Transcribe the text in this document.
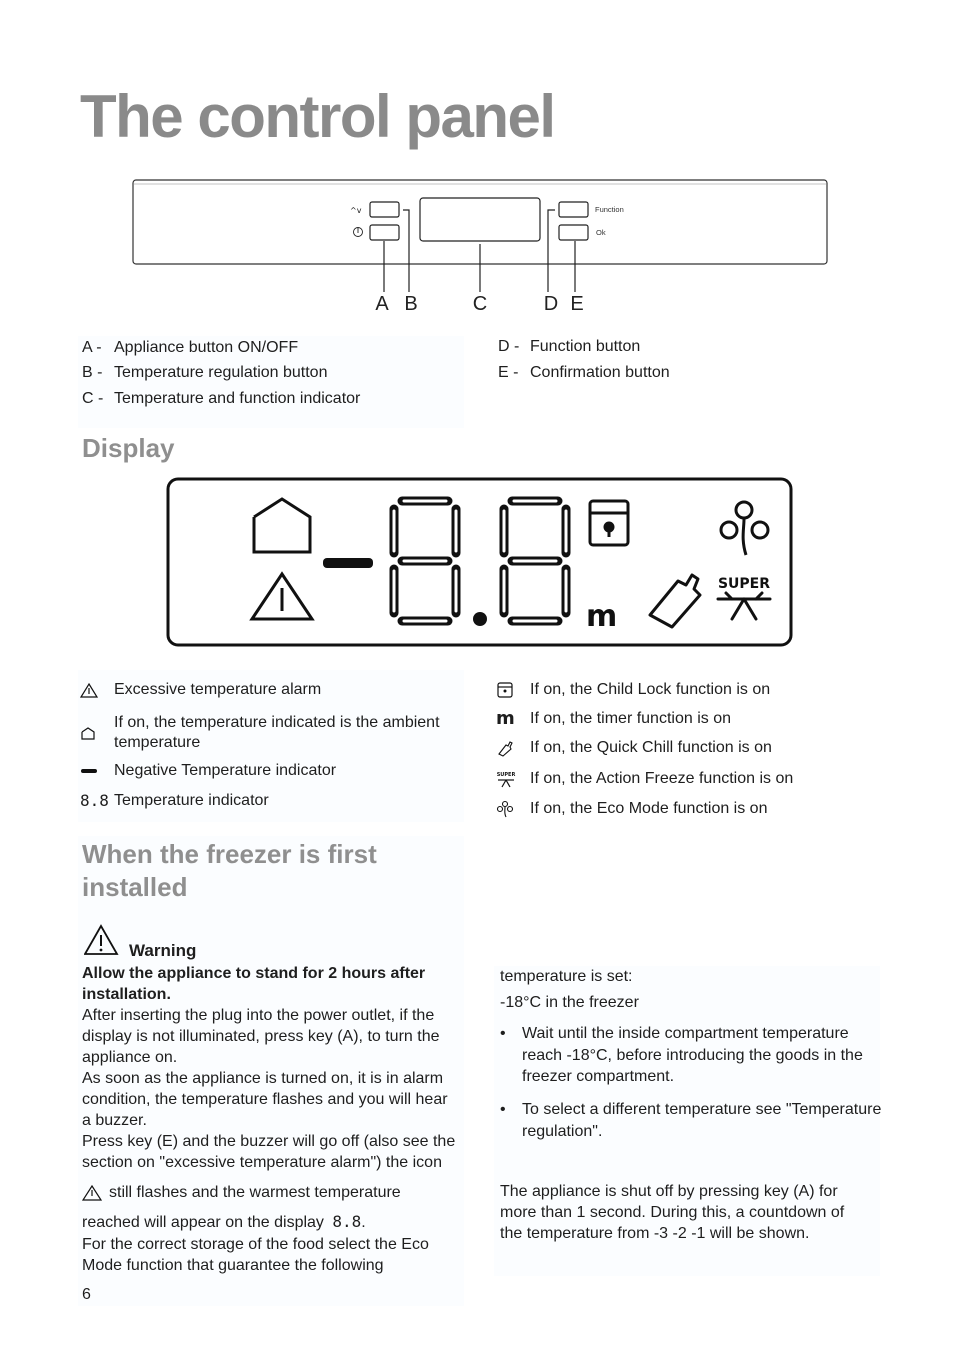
The control panel
^v	Function
Ok
A B	C	D E
A - Appliance button ON/OFF
B - Temperature regulation button
C - Temperature and function indicator
D - Function button
E - Confirmation button
Display
m
SUPER
Excessive temperature alarm
If on, the temperature indicated is the ambient temperature
Negative Temperature indicator
8.8 Temperature indicator
If on, the Child Lock function is on
m If on, the timer function is on
If on, the Quick Chill function is on
SUPER If on, the Action Freeze function is on
If on, the Eco Mode function is on
When the freezer is first
installed
Warning
Allow the appliance to stand for 2 hours after
installation.
After inserting the plug into the power outlet, if the
display is not illuminated, press key (A), to turn the
appliance on.
As soon as the appliance is turned on, it is in alarm
condition, the temperature flashes and you will hear
a buzzer.
Press key (E) and the buzzer will go off (also see the
section on "excessive temperature alarm") the icon
still flashes and the warmest temperature
reached will appear on the display 8.8.
For the correct storage of the food select the Eco
Mode function that guarantee the following
temperature is set:
-18°C in the freezer
• Wait until the inside compartment temperature reach -18°C, before introducing the goods in the freezer compartment.
• To select a different temperature see "Temperature regulation".
The appliance is shut off by pressing key (A) for more than 1 second. During this, a countdown of the temperature from -3 -2 -1 will be shown.
6
